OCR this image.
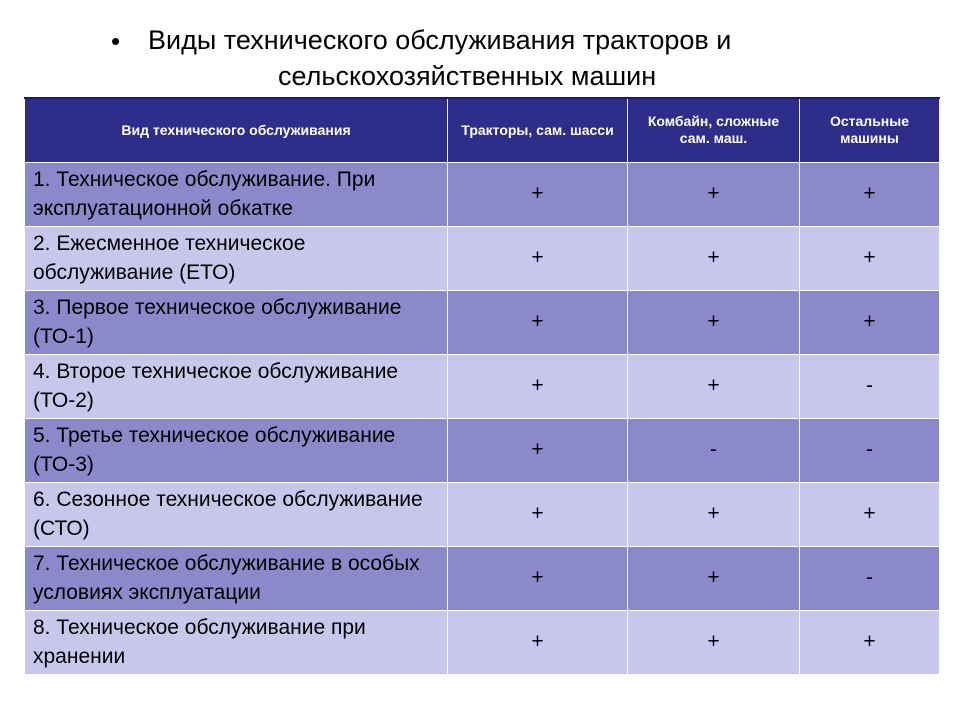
• Виды технического обслуживания тракторов и
сельскохозяйственных машин
Вид технического обслуживания	Тракторы, сам. шасси	Комбайн, сложные сам. маш.	Остальные машины
1. Техническое обслуживание. При эксплуатационной обкатке	+	+	+
2. Ежесменное техническое обслуживание (ЕТО)	+	+	+
3. Первое техническое обслуживание (ТО-1)	+	+	+
4. Второе техническое обслуживание (ТО-2)	+	+	-
5. Третье техническое обслуживание (ТО-3)	+	-	-
6. Сезонное техническое обслуживание (СТО)	+	+	+
7. Техническое обслуживание в особых условиях эксплуатации	+	+	-
8. Техническое обслуживание при хранении	+	+	+
